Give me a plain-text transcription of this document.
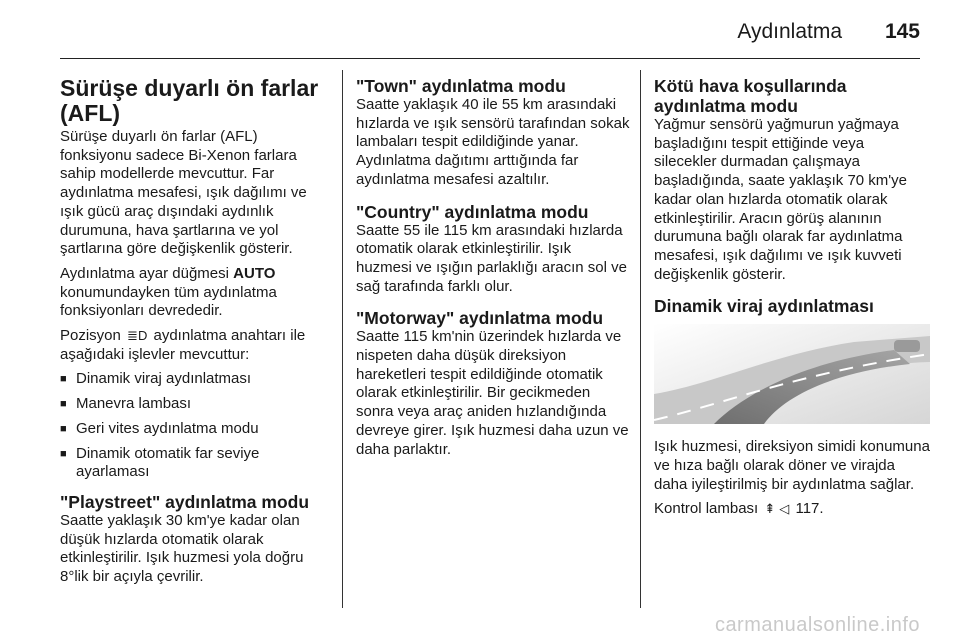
Aydınlatma 145
Sürüşe duyarlı ön farlar (AFL)

Sürüşe duyarlı ön farlar (AFL) fonksiyonu sadece Bi-Xenon farlara sahip modellerde mevcuttur. Far aydınlatma mesafesi, ışık dağılımı ve ışık gücü araç dışındaki aydınlık durumuna, hava şartlarına ve yol şartlarına göre değişkenlik gösterir.

Aydınlatma ayar düğmesi AUTO konumundayken tüm aydınlatma fonksiyonları devrededir.

Pozisyon ≣D aydınlatma anahtarı ile aşağıdaki işlevler mevcuttur:

■ Dinamik viraj aydınlatması
■ Manevra lambası
■ Geri vites aydınlatma modu
■ Dinamik otomatik far seviye ayarlaması
"Playstreet" aydınlatma modu

Saatte yaklaşık 30 km'ye kadar olan düşük hızlarda otomatik olarak etkinleştirilir. Işık huzmesi yola doğru 8°lik bir açıyla çevrilir.

"Town" aydınlatma modu

Saatte yaklaşık 40 ile 55 km arasındaki hızlarda ve ışık sensörü tarafından sokak lambaları tespit edildiğinde yanar. Aydınlatma dağıtımı arttığında far aydınlatma mesafesi azaltılır.

"Country" aydınlatma modu

Saatte 55 ile 115 km arasındaki hızlarda otomatik olarak etkinleştirilir. Işık huzmesi ve ışığın parlaklığı aracın sol ve sağ tarafında farklı olur.

"Motorway" aydınlatma modu

Saatte 115 km'nin üzerindek hızlarda ve nispeten daha düşük direksiyon hareketleri tespit edildiğinde otomatik olarak etkinleştirilir. Bir gecikmeden sonra veya araç aniden hızlandığında devreye girer. Işık huzmesi daha uzun ve daha parlaktır.

Kötü hava koşullarında aydınlatma modu

Yağmur sensörü yağmurun yağmaya başladığını tespit ettiğinde veya silecekler durmadan çalışmaya başladığında, saate yaklaşık 70 km'ye kadar olan hızlarda otomatik olarak etkinleştirilir. Aracın görüş alanının durumuna bağlı olarak far aydınlatma mesafesi, ışık dağılımı ve ışık kuvveti değişkenlik gösterir.

Dinamik viraj aydınlatması

Işık huzmesi, direksiyon simidi konumuna ve hıza bağlı olarak döner ve virajda daha iyileştirilmiş bir aydınlatma sağlar.

Kontrol lambası ⇞ ◁ 117.

carmanualsonline.info
